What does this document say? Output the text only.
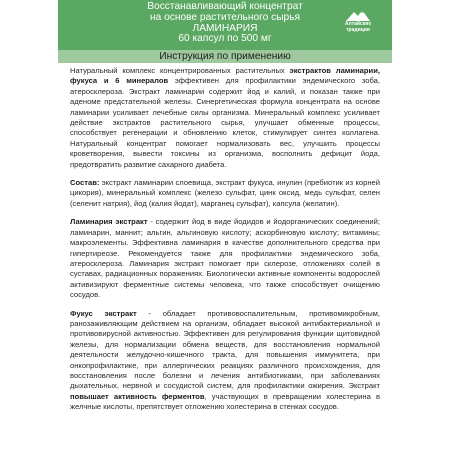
Восстанавливающий концентрат
на основе растительного сырья
ЛАМИНАРИЯ
60 капсул по 500 мг
Алтайские
традиции
Инструкция по применению

Натуральный комплекс концентрированных растительных экстрактов ламинарии, фукуса и 6 минералов эффективен для профилактики эндемического зоба, атеросклероза. Экстракт ламинарии содержит йод и калий, и показан также при аденоме предстательной железы. Синергетическая формула концентрата на основе ламинарии усиливает лечебные силы организма. Минеральный комплекс усиливает действие экстрактов растительного сырья, улучшает обменные процессы, способствует регенерации и обновлению клеток, стимулирует синтез коллагена. Натуральный концентрат помогает нормализовать вес, улучшить процессы кроветворения, вывести токсины из организма, восполнить дефицит йода, предотвратить развитие сахарного диабета.

Состав: экстракт ламинарии слоевища, экстракт фукуса, инулин (пребиотик из корней цикория), минеральный комплекс (железо сульфат, цинк оксид, медь сульфат, селен (селенит натрия), йод (калия йодат), марганец сульфат), капсула (желатин).

Ламинария экстракт - содержит йод в виде йодидов и йодорганических соединений; ламинарин, маннит; альгин, альгиновую кислоту; аскорбиновую кислоту; витамины; макроэлементы. Эффективна ламинария в качестве дополнительного средства при гипертиреозе. Рекомендуется также для профилактики эндемического зоба, атеросклероза. Ламинария экстракт помогает при склерозе, отложениях солей в суставах, радиационных поражениях. Биологически активные компоненты водорослей активизируют ферментные системы человека, что также способствует очищению сосудов.

Фукус экстракт - обладает противовоспалительным, противомикробным, ранозаживляющим действием на организм, обладает высокой антибактериальной и противовирусной активностью. Эффективен для регулирования функции щитовидной железы, для нормализации обмена веществ, для восстановления нормальной деятельности желудочно-кишечного тракта, для повышения иммунитета, при онкопрофилактике, при аллергических реакциях различного происхождения, для восстановления после болезни и лечения антибиотиками, при заболеваниях дыхательных, нервной и сосудистой систем, для профилактики ожирения. Экстракт повышает активность ферментов, участвующих в превращении холестерина в желчные кислоты, препятствует отложению холестерина в стенках сосудов.
